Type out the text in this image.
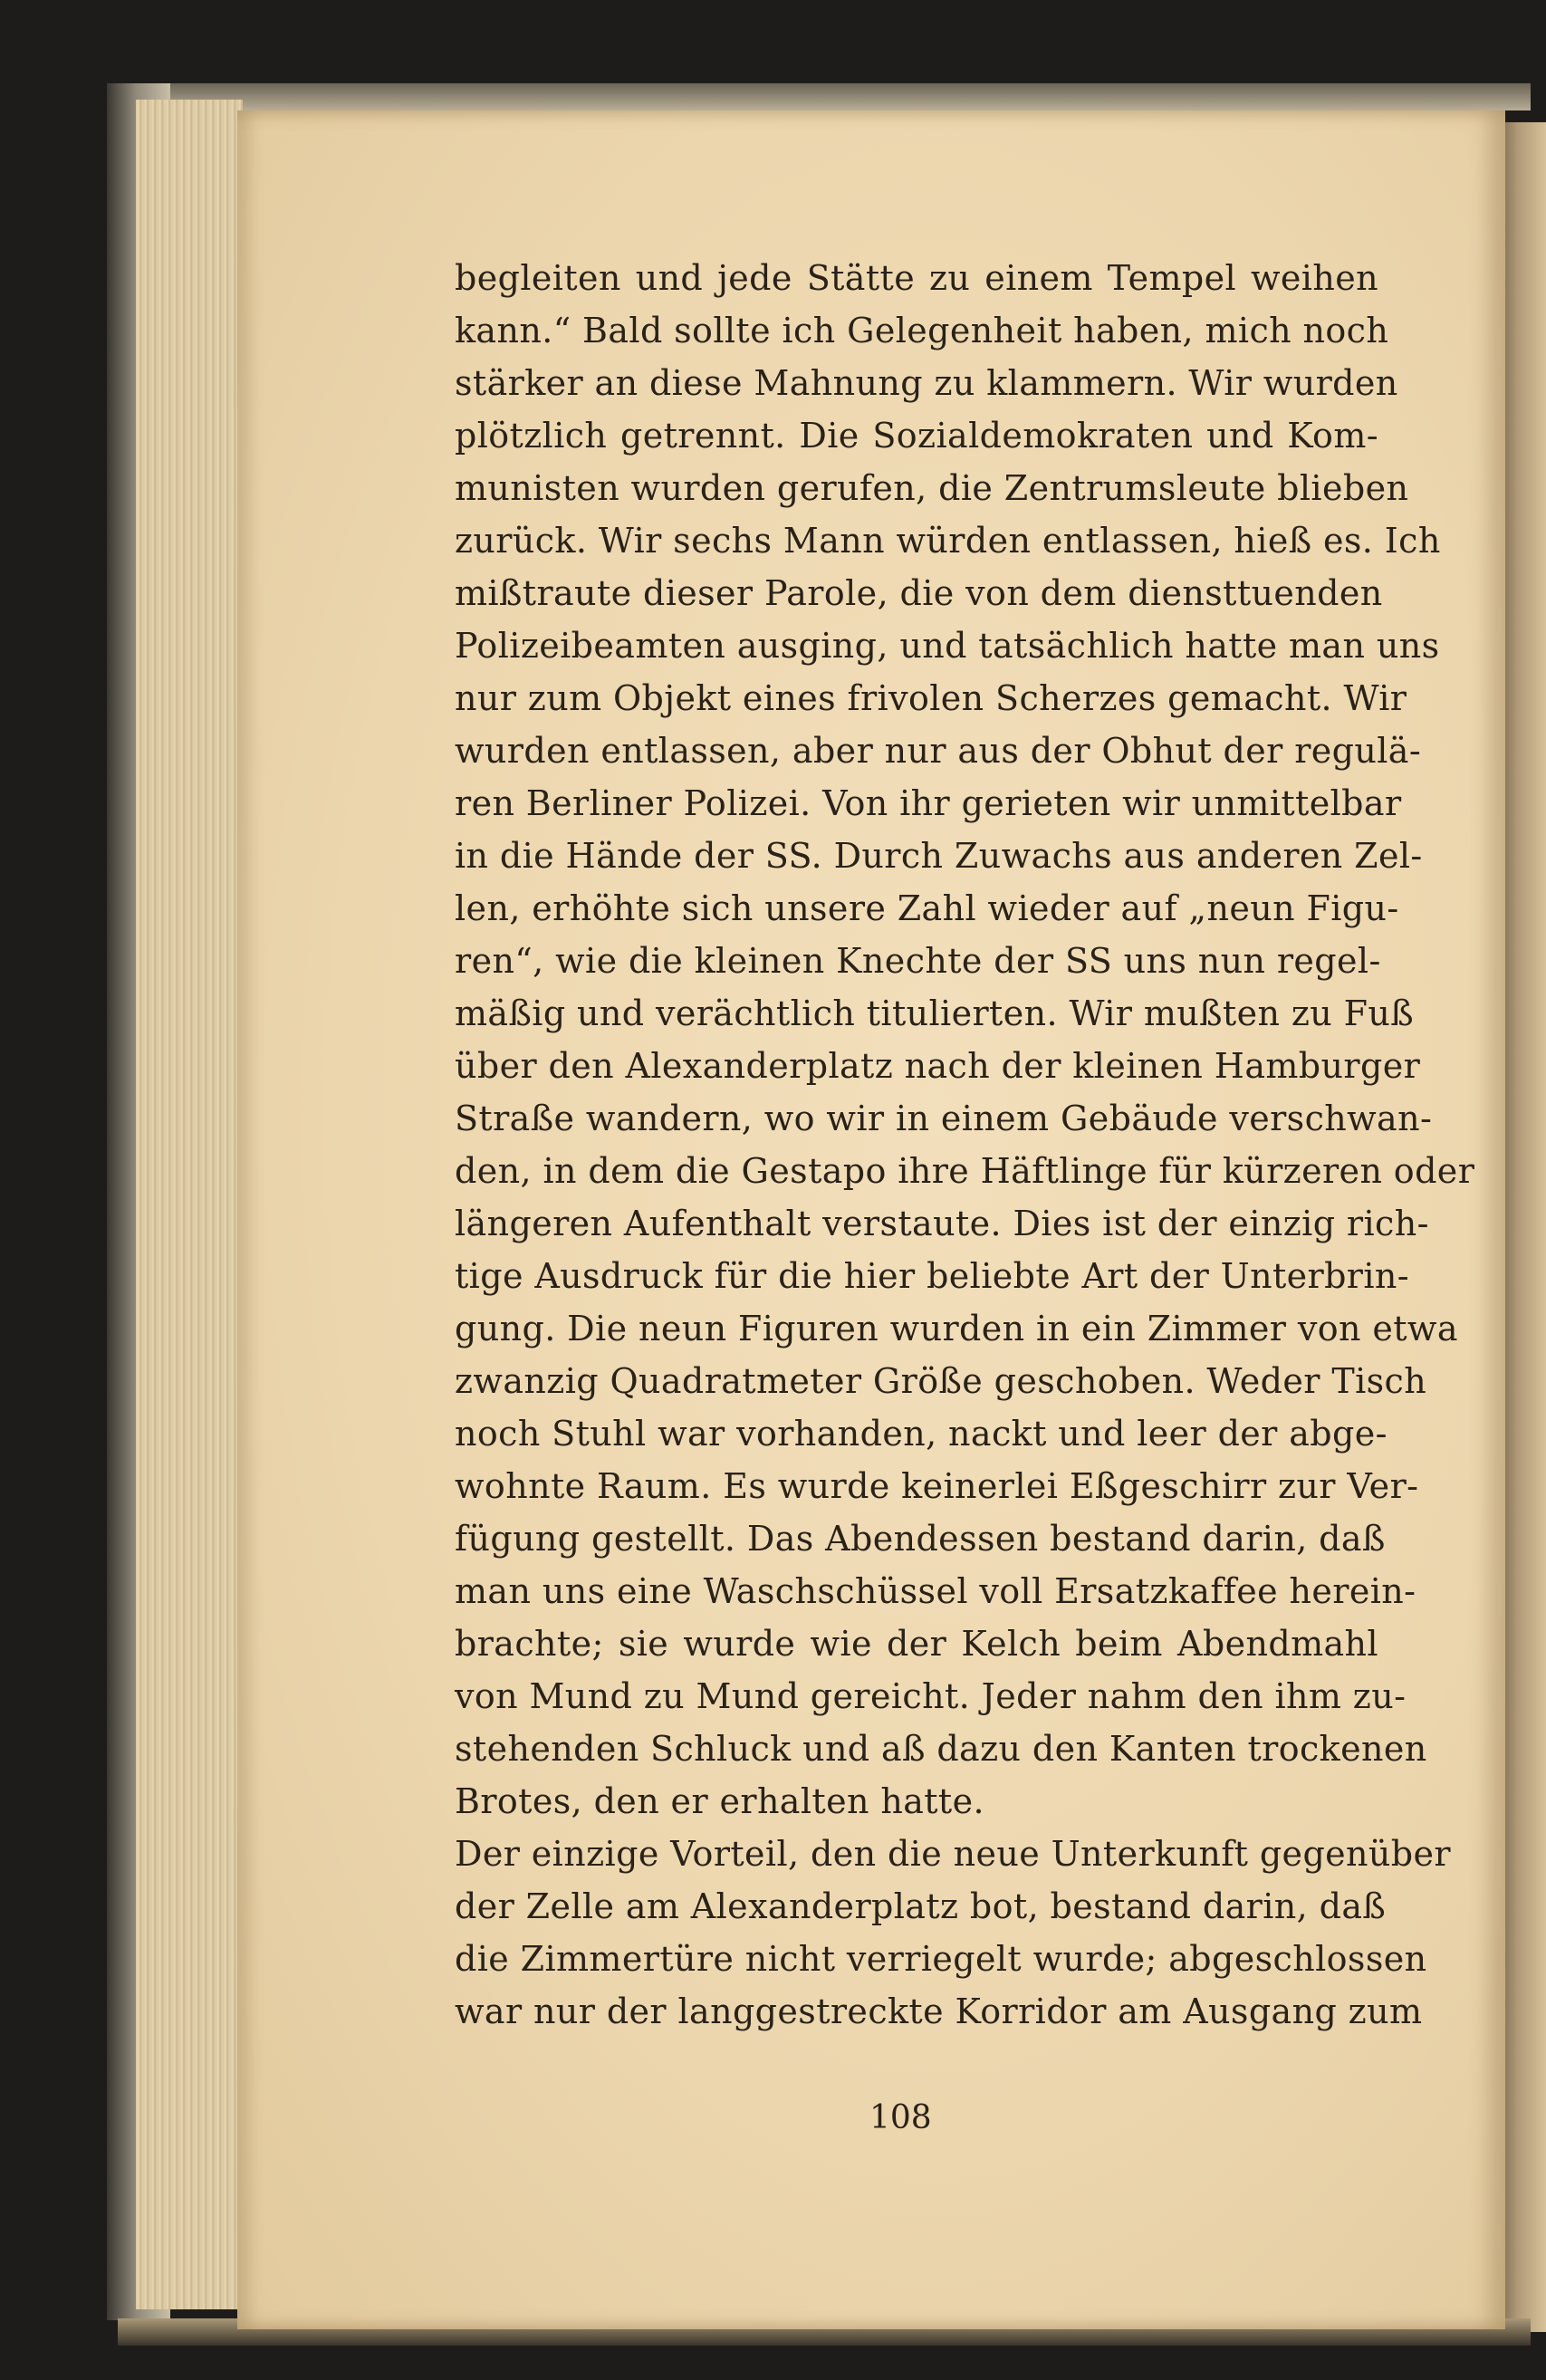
begleiten und jede Stätte zu einem Tempel weihen
kann.“ Bald sollte ich Gelegenheit haben, mich noch
stärker an diese Mahnung zu klammern. Wir wurden
plötzlich getrennt. Die Sozialdemokraten und Kom-
munisten wurden gerufen, die Zentrumsleute blieben
zurück. Wir sechs Mann würden entlassen, hieß es. Ich
mißtraute dieser Parole, die von dem diensttuenden
Polizeibeamten ausging, und tatsächlich hatte man uns
nur zum Objekt eines frivolen Scherzes gemacht. Wir
wurden entlassen, aber nur aus der Obhut der regulä-
ren Berliner Polizei. Von ihr gerieten wir unmittelbar
in die Hände der SS. Durch Zuwachs aus anderen Zel-
len, erhöhte sich unsere Zahl wieder auf „neun Figu-
ren“, wie die kleinen Knechte der SS uns nun regel-
mäßig und verächtlich titulierten. Wir mußten zu Fuß
über den Alexanderplatz nach der kleinen Hamburger
Straße wandern, wo wir in einem Gebäude verschwan-
den, in dem die Gestapo ihre Häftlinge für kürzeren oder
längeren Aufenthalt verstaute. Dies ist der einzig rich-
tige Ausdruck für die hier beliebte Art der Unterbrin-
gung. Die neun Figuren wurden in ein Zimmer von etwa
zwanzig Quadratmeter Größe geschoben. Weder Tisch
noch Stuhl war vorhanden, nackt und leer der abge-
wohnte Raum. Es wurde keinerlei Eßgeschirr zur Ver-
fügung gestellt. Das Abendessen bestand darin, daß
man uns eine Waschschüssel voll Ersatzkaffee herein-
brachte; sie wurde wie der Kelch beim Abendmahl
von Mund zu Mund gereicht. Jeder nahm den ihm zu-
stehenden Schluck und aß dazu den Kanten trockenen
Brotes, den er erhalten hatte.
Der einzige Vorteil, den die neue Unterkunft gegenüber
der Zelle am Alexanderplatz bot, bestand darin, daß
die Zimmertüre nicht verriegelt wurde; abgeschlossen
war nur der langgestreckte Korridor am Ausgang zum
108
